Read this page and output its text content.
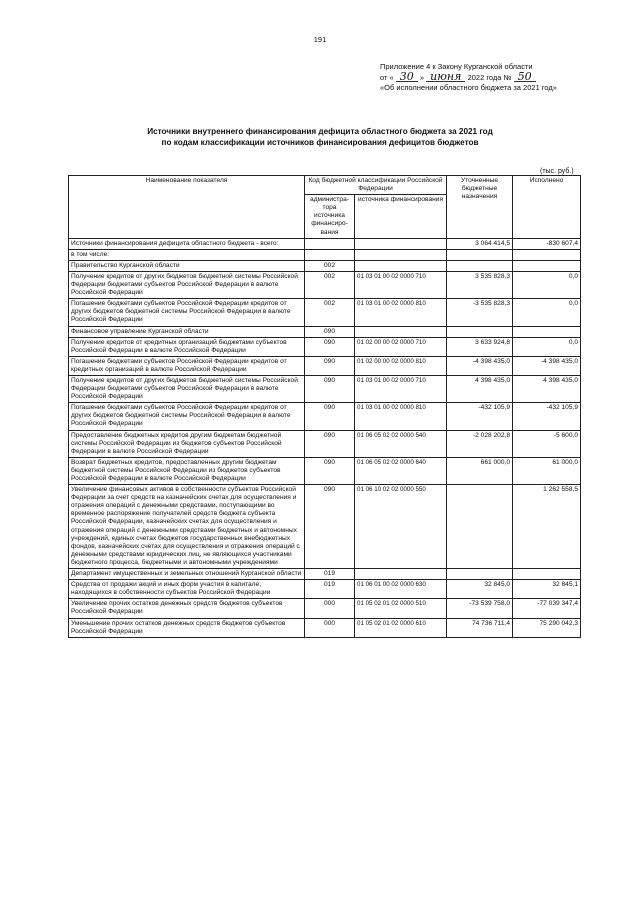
191
Приложение 4 к Закону Курганской области
от « 30 » июня 2022 года № 50
«Об исполнении областного бюджета за 2021 год»
Источники внутреннего финансирования дефицита областного бюджета за 2021 год
по кодам классификации источников финансирования дефицитов бюджетов
(тыс. руб.)
Наименование показателя	Код бюджетной классификации Российской Федерации		Уточненные бюджетные назначения	Исполнено
	администра-тора источника финансиро-вания	источника финансирования		
Источники финансирования дефицита областного бюджета - всего:			3 064 414,5	-830 607,4
в том числе:				
Правительство Курганской области	002			
Получение кредитов от других бюджетов бюджетной системы Российской Федерации бюджетами субъектов Российской Федерации в валюте Российской Федерации	002	01 03 01 00 02 0000 710	3 535 828,3	0,0
Погашение бюджетами субъектов Российской Федерации кредитов от других бюджетов бюджетной системы Российской Федерации в валюте Российской Федерации	002	01 03 01 00 02 0000 810	-3 535 828,3	0,0
Финансовое управление Курганской области	090			
Получение кредитов от кредитных организаций бюджетами субъектов Российской Федерации в валюте Российской Федерации	090	01 02 00 00 02 0000 710	3 633 924,8	0,0
Погашение бюджетами субъектов Российской Федерации кредитов от кредитных организаций в валюте Российской Федерации	090	01 02 00 00 02 0000 810	-4 398 435,0	-4 398 435,0
Получение кредитов от других бюджетов бюджетной системы Российской Федерации бюджетами субъектов Российской Федерации в валюте Российской Федерации	090	01 03 01 00 02 0000 710	4 398 435,0	4 398 435,0
Погашение бюджетами субъектов Российской Федерации кредитов от других бюджетов бюджетной системы Российской Федерации в валюте Российской Федерации	090	01 03 01 00 02 0000 810	-432 105,9	-432 105,9
Предоставление бюджетных кредитов другим бюджетам бюджетной системы Российской Федерации из бюджетов субъектов Российской Федерации в валюте Российской Федерации	090	01 06 05 02 02 0000 540	-2 028 202,8	-5 600,0
Возврат бюджетных кредитов, предоставленных другим бюджетам бюджетной системы Российской Федерации из бюджетов субъектов Российской Федерации в валюте Российской Федерации	090	01 06 05 02 02 0000 640	661 000,0	61 000,0
Увеличение финансовых активов в собственности субъектов Российской Федерации за счет средств на казначейских счетах для осуществления и отражения операций с денежными средствами, поступающими во временное распоряжение получателей средств бюджета субъекта Российской Федерации, казначейских счетах для осуществления и отражения операций с денежными средствами бюджетных и автономных учреждений, единых счетах бюджетов государственных внебюджетных фондов, казначейских счетах для осуществления и отражения операций с денежными средствами юридических лиц, не являющихся участниками бюджетного процесса, бюджетными и автономными учреждениями	090	01 06 10 02 02 0000 550		1 262 558,5
Департамент имущественных и земельных отношений Курганской области	019			
Средства от продажи акций и иных форм участия в капитале, находящихся в собственности субъектов Российской Федерации	019	01 06 01 00 02 0000 630	32 845,0	32 845,1
Увеличение прочих остатков денежных средств бюджетов субъектов Российской Федерации	000	01 05 02 01 02 0000 510	-73 539 758,0	-77 039 347,4
Уменьшение прочих остатков денежных средств бюджетов субъектов Российской Федерации	000	01 05 02 01 02 0000 610	74 736 711,4	75 290 042,3
